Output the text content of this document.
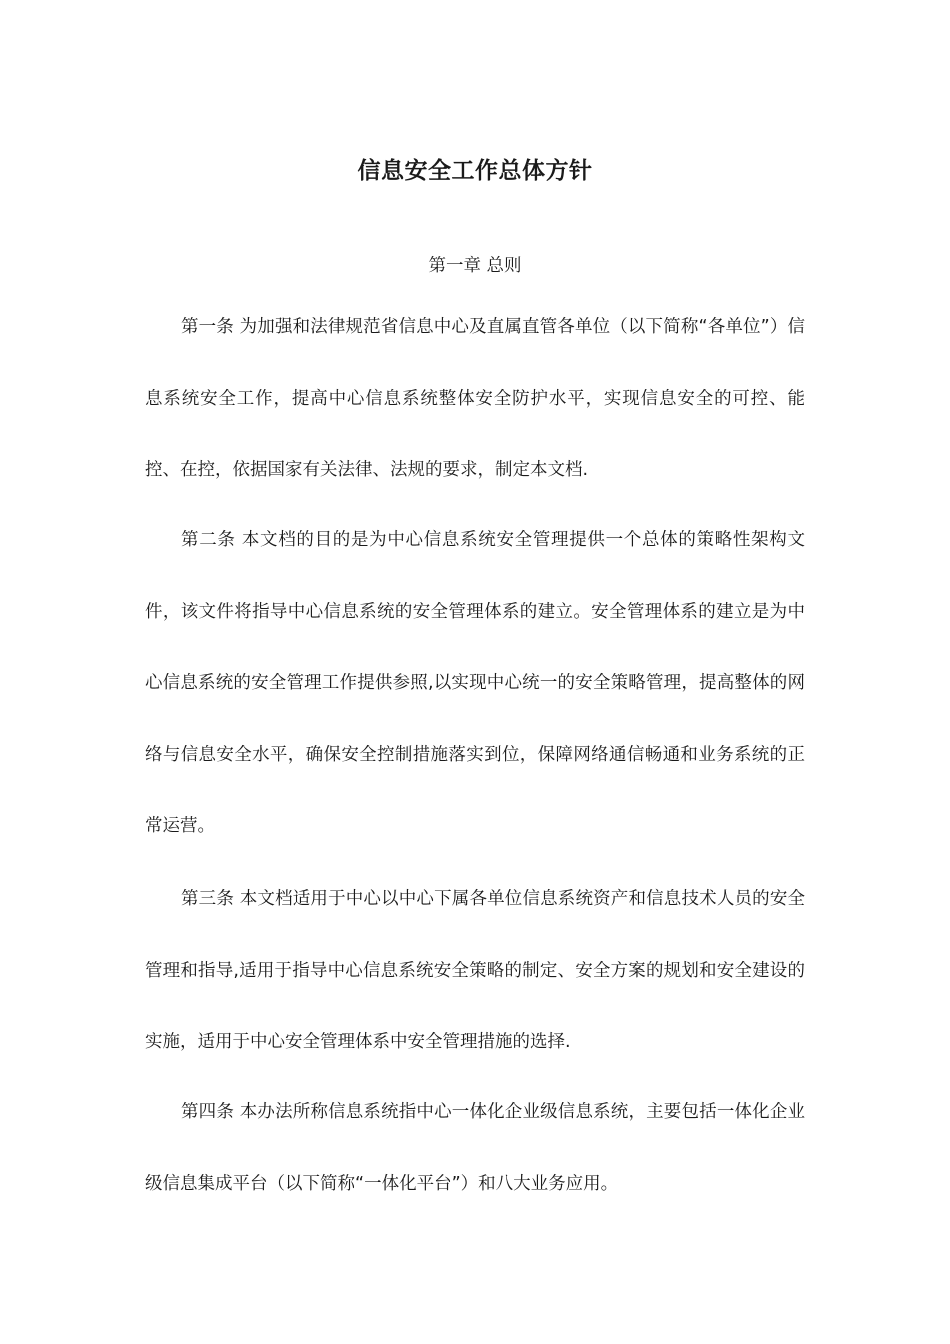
信息安全工作总体方针
第一章 总则

第一条 为加强和法律规范省信息中心及直属直管各单位（以下简称“各单位”）信息系统安全工作，提高中心信息系统整体安全防护水平，实现信息安全的可控、能控、在控，依据国家有关法律、法规的要求，制定本文档.

第二条 本文档的目的是为中心信息系统安全管理提供一个总体的策略性架构文件，该文件将指导中心信息系统的安全管理体系的建立。安全管理体系的建立是为中心信息系统的安全管理工作提供参照,以实现中心统一的安全策略管理，提高整体的网络与信息安全水平，确保安全控制措施落实到位，保障网络通信畅通和业务系统的正常运营。

第三条 本文档适用于中心以中心下属各单位信息系统资产和信息技术人员的安全管理和指导,适用于指导中心信息系统安全策略的制定、安全方案的规划和安全建设的实施，适用于中心安全管理体系中安全管理措施的选择.

第四条 本办法所称信息系统指中心一体化企业级信息系统，主要包括一体化企业级信息集成平台（以下简称“一体化平台”）和八大业务应用。
